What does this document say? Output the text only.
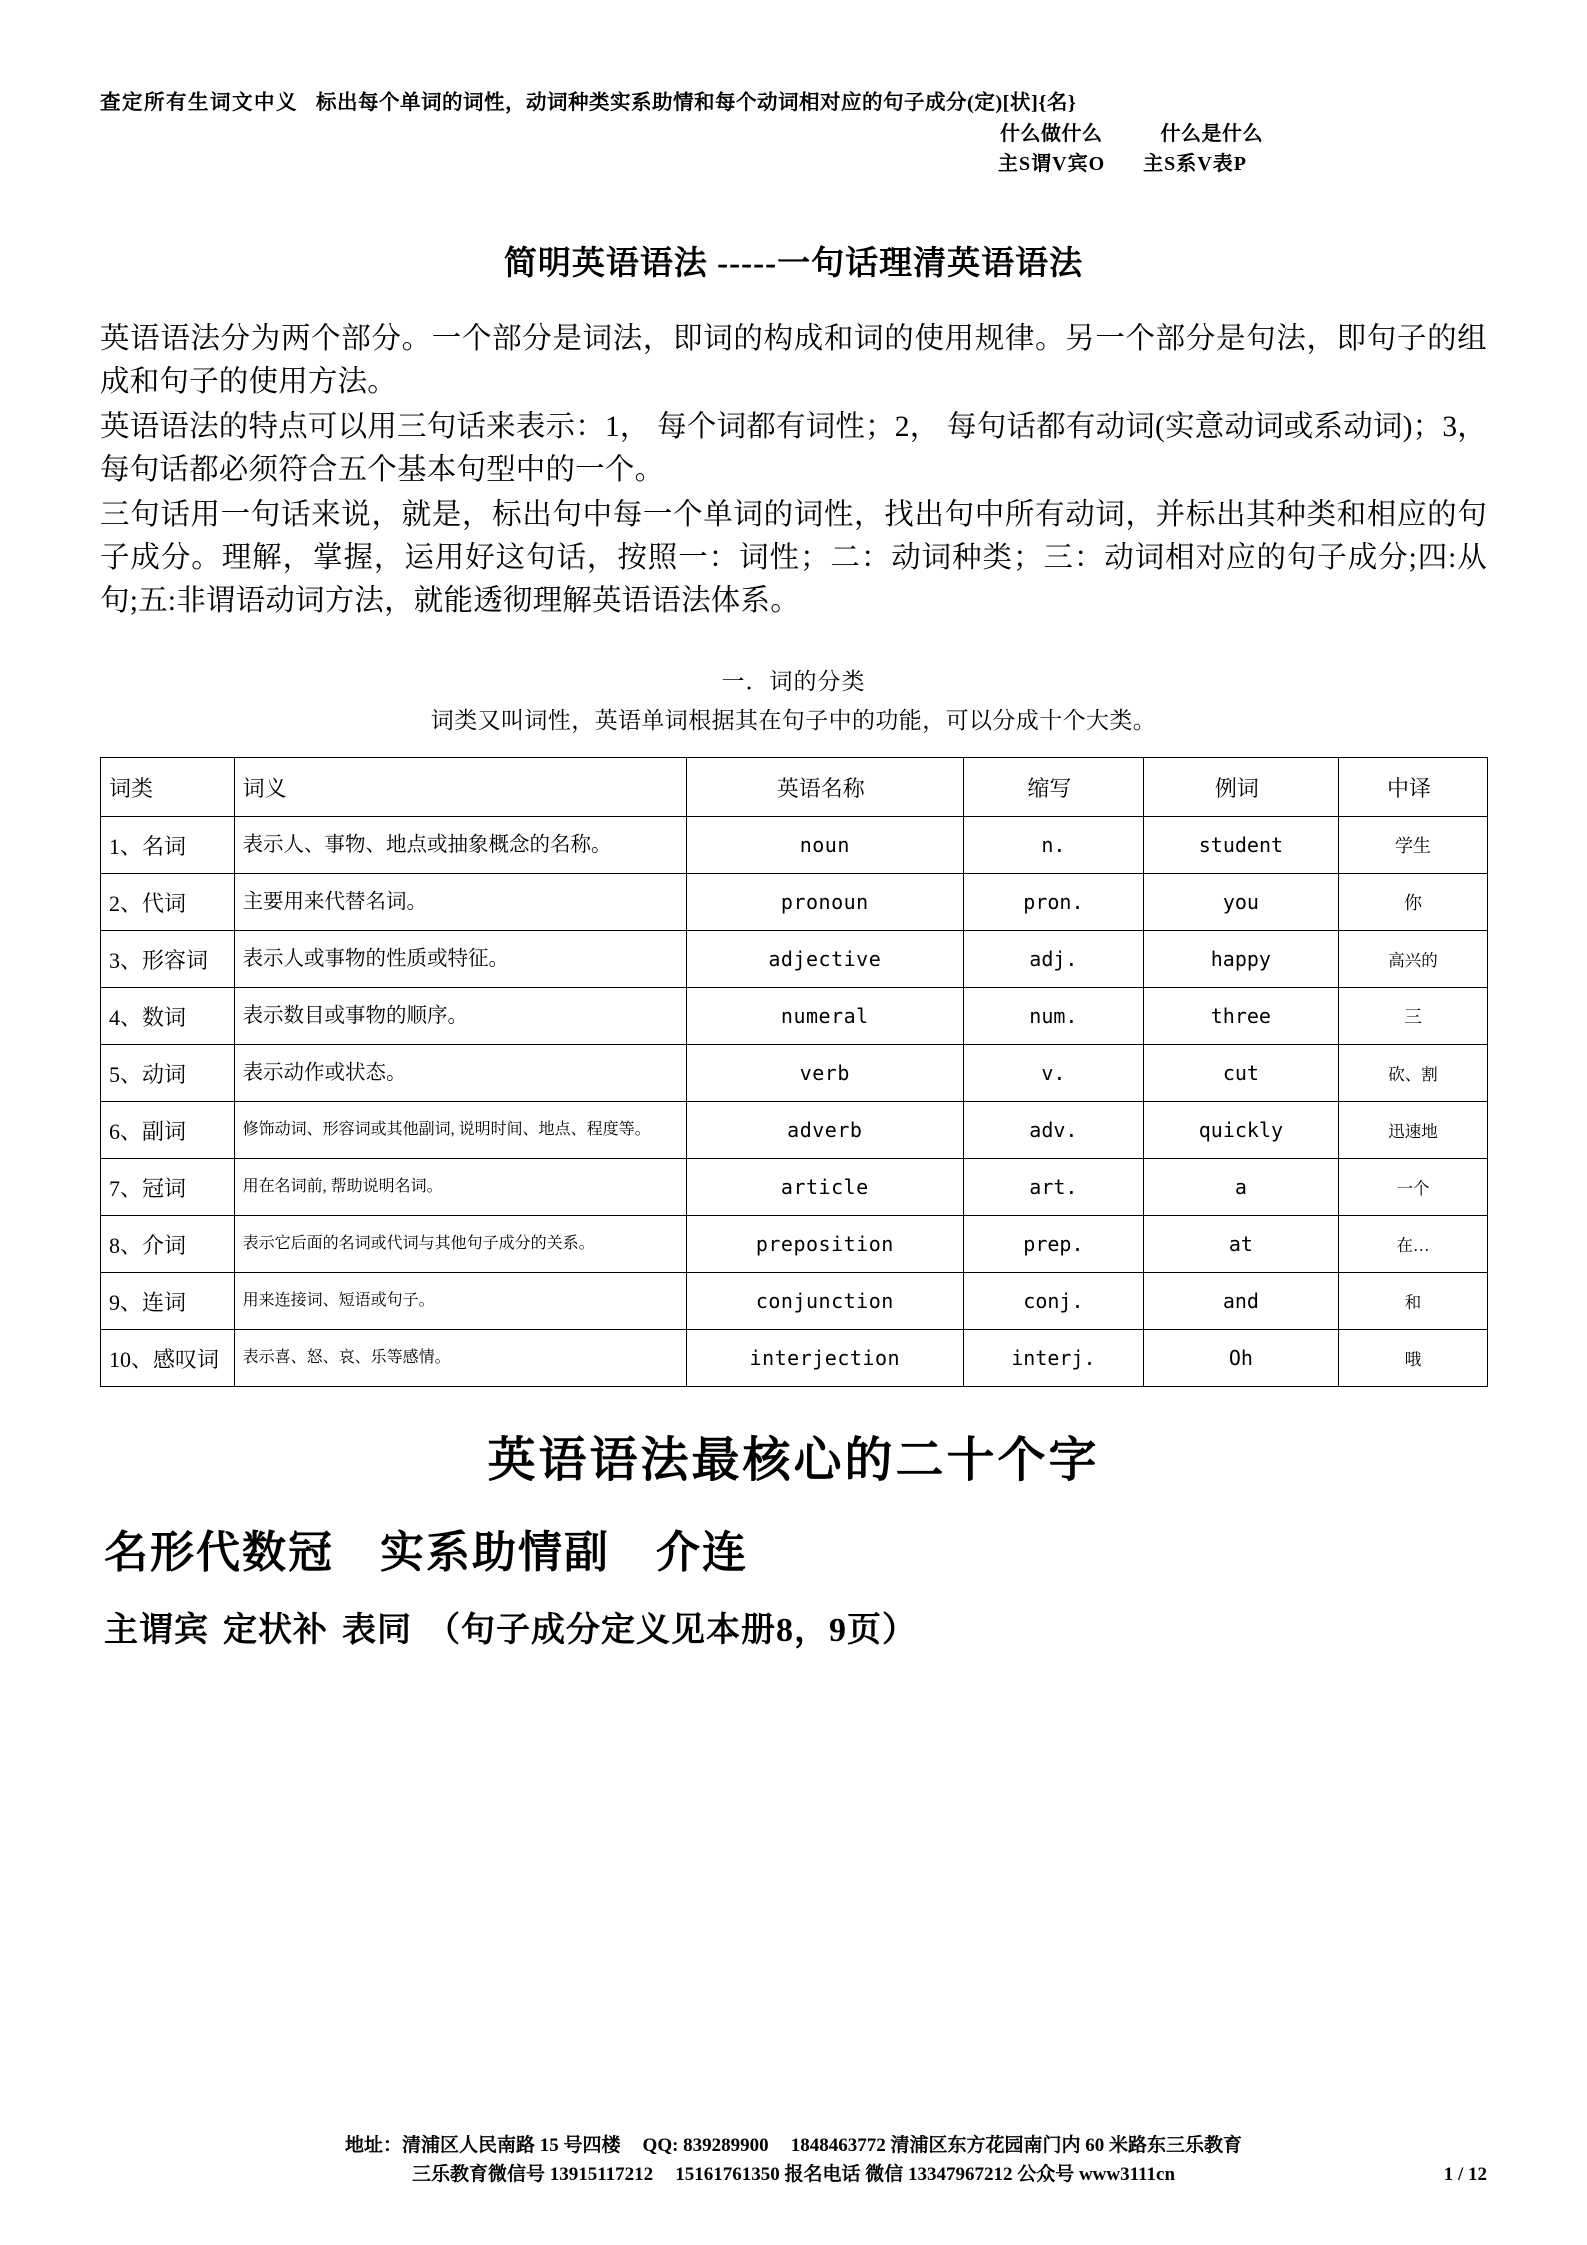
查定所有生词文中义 标出每个单词的词性，动词种类实系助情和每个动词相对应的句子成分(定)[状]{名}
什么做什么	什么是什么
主S谓V宾O 主S系V表P
简明英语语法 -----一句话理清英语语法
英语语法分为两个部分。一个部分是词法，即词的构成和词的使用规律。另一个部分是句法，即句子的组成和句子的使用方法。
英语语法的特点可以用三句话来表示：1， 每个词都有词性；2， 每句话都有动词(实意动词或系动词)；3，每句话都必须符合五个基本句型中的一个。
三句话用一句话来说，就是，标出句中每一个单词的词性，找出句中所有动词，并标出其种类和相应的句子成分。理解，掌握，运用好这句话，按照一：词性；二：动词种类；三：动词相对应的句子成分;四:从句;五:非谓语动词方法，就能透彻理解英语语法体系。
一．词的分类
词类又叫词性，英语单词根据其在句子中的功能，可以分成十个大类。
词类	词义	英语名称	缩写	例词	中译
1、名词	表示人、事物、地点或抽象概念的名称。	noun	n.	student	学生
2、代词	主要用来代替名词。	pronoun	pron.	you	你
3、形容词	表示人或事物的性质或特征。	adjective	adj.	happy	高兴的
4、数词	表示数目或事物的顺序。	numeral	num.	three	三
5、动词	表示动作或状态。	verb	v.	cut	砍、割
6、副词	修饰动词、形容词或其他副词, 说明时间、地点、程度等。	adverb	adv.	quickly	迅速地
7、冠词	用在名词前, 帮助说明名词。	article	art.	a	一个
8、介词	表示它后面的名词或代词与其他句子成分的关系。	preposition	prep.	at	在…
9、连词	用来连接词、短语或句子。	conjunction	conj.	and	和
10、感叹词	表示喜、怒、哀、乐等感情。	interjection	interj.	Oh	哦
英语语法最核心的二十个字
名形代数冠 实系助情副 介连
主谓宾 定状补 表同 （句子成分定义见本册8，9页）
地址：清浦区人民南路 15 号四楼 QQ: 839289900 1848463772 清浦区东方花园南门内 60 米路东三乐教育
三乐教育微信号 13915117212 15161761350 报名电话 微信 13347967212 公众号 www3111cn	1 / 12
